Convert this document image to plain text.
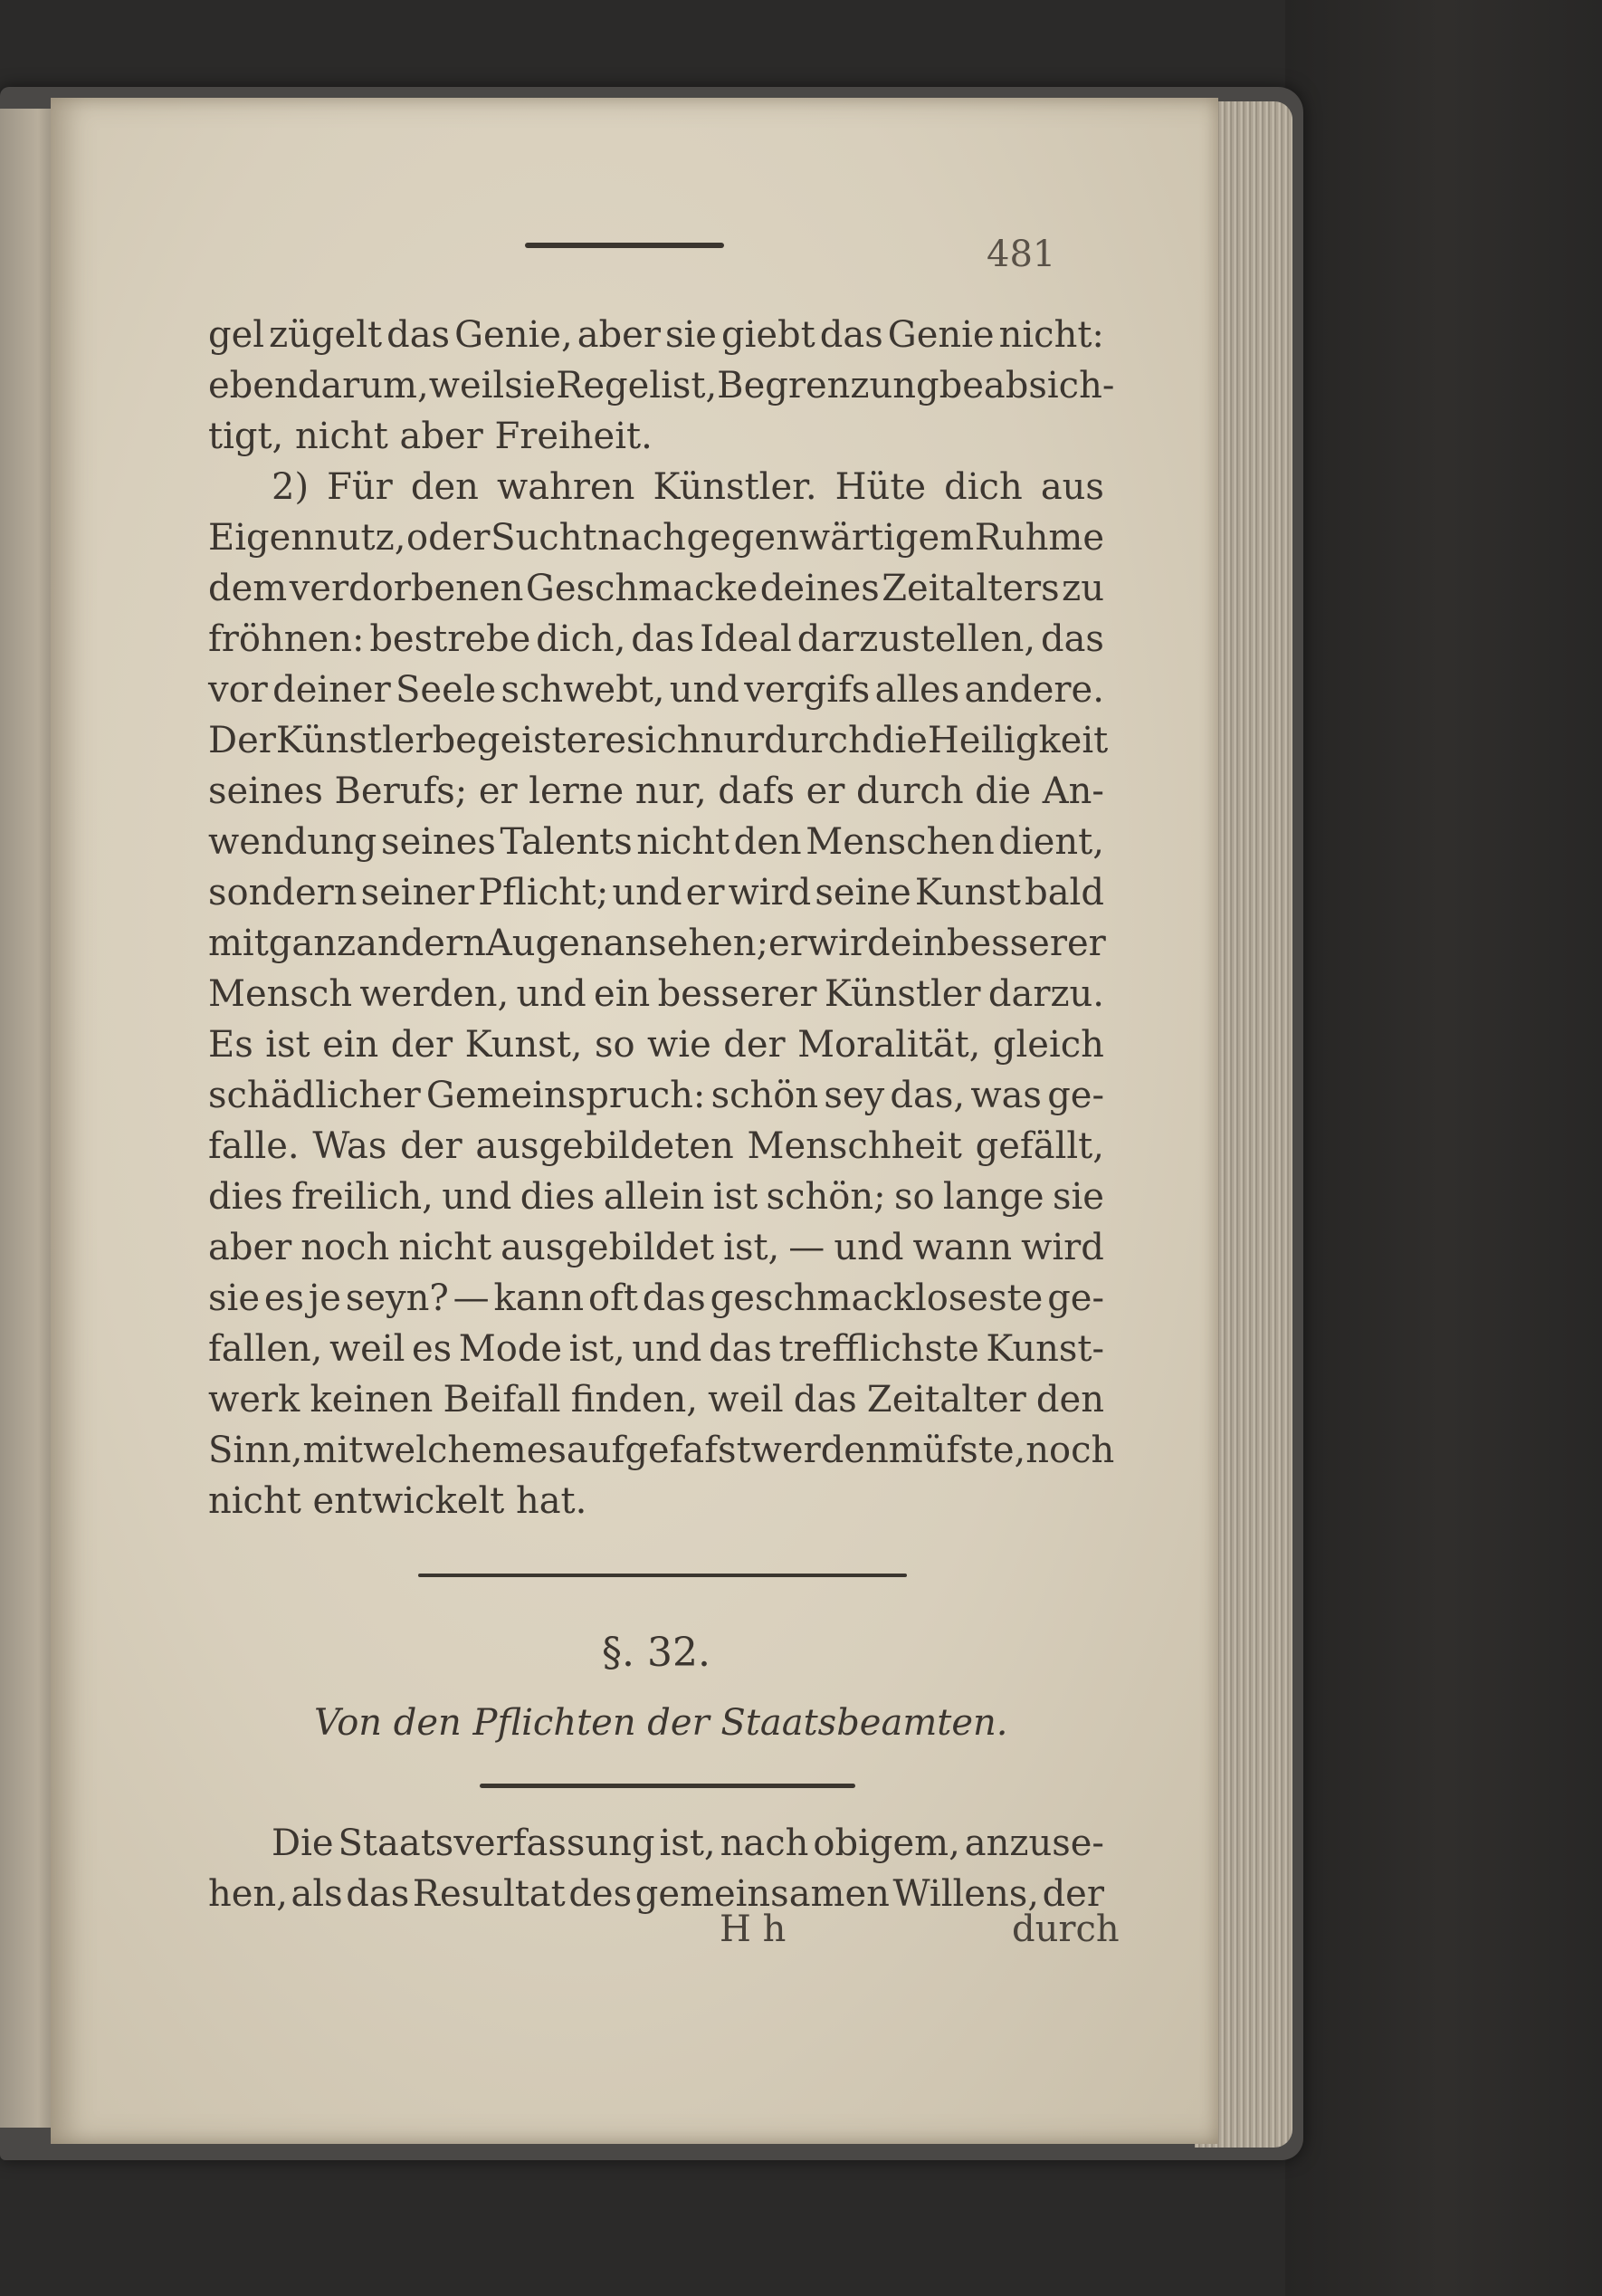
481
gel zügelt das Genie, aber sie giebt das Genie nicht:
eben darum, weil sie Regel ist, Begrenzung beabsich-
tigt, nicht aber Freiheit.
2) Für den wahren Künstler. Hüte dich aus
Eigennutz, oder Sucht nach gegenwärtigem Ruhme
dem verdorbenen Geschmacke deines Zeitalters zu
fröhnen: bestrebe dich, das Ideal darzustellen, das
vor deiner Seele schwebt, und vergifs alles andere.
Der Künstler begeistere sich nur durch die Heiligkeit
seines Berufs; er lerne nur, dafs er durch die An-
wendung seines Talents nicht den Menschen dient,
sondern seiner Pflicht; und er wird seine Kunst bald
mit ganz andern Augen ansehen; er wird ein besserer
Mensch werden, und ein besserer Künstler darzu.
Es ist ein der Kunst, so wie der Moralität, gleich
schädlicher Gemeinspruch: schön sey das, was ge-
falle. Was der ausgebildeten Menschheit gefällt,
dies freilich, und dies allein ist schön; so lange sie
aber noch nicht ausgebildet ist, — und wann wird
sie es je seyn? — kann oft das geschmackloseste ge-
fallen, weil es Mode ist, und das trefflichste Kunst-
werk keinen Beifall finden, weil das Zeitalter den
Sinn, mit welchem es aufgefafst werden müfste, noch
nicht entwickelt hat.
§. 32.
Von den Pflichten der Staatsbeamten.
Die Staatsverfassung ist, nach obigem, anzuse-
hen, als das Resultat des gemeinsamen Willens, der
H h	durch
